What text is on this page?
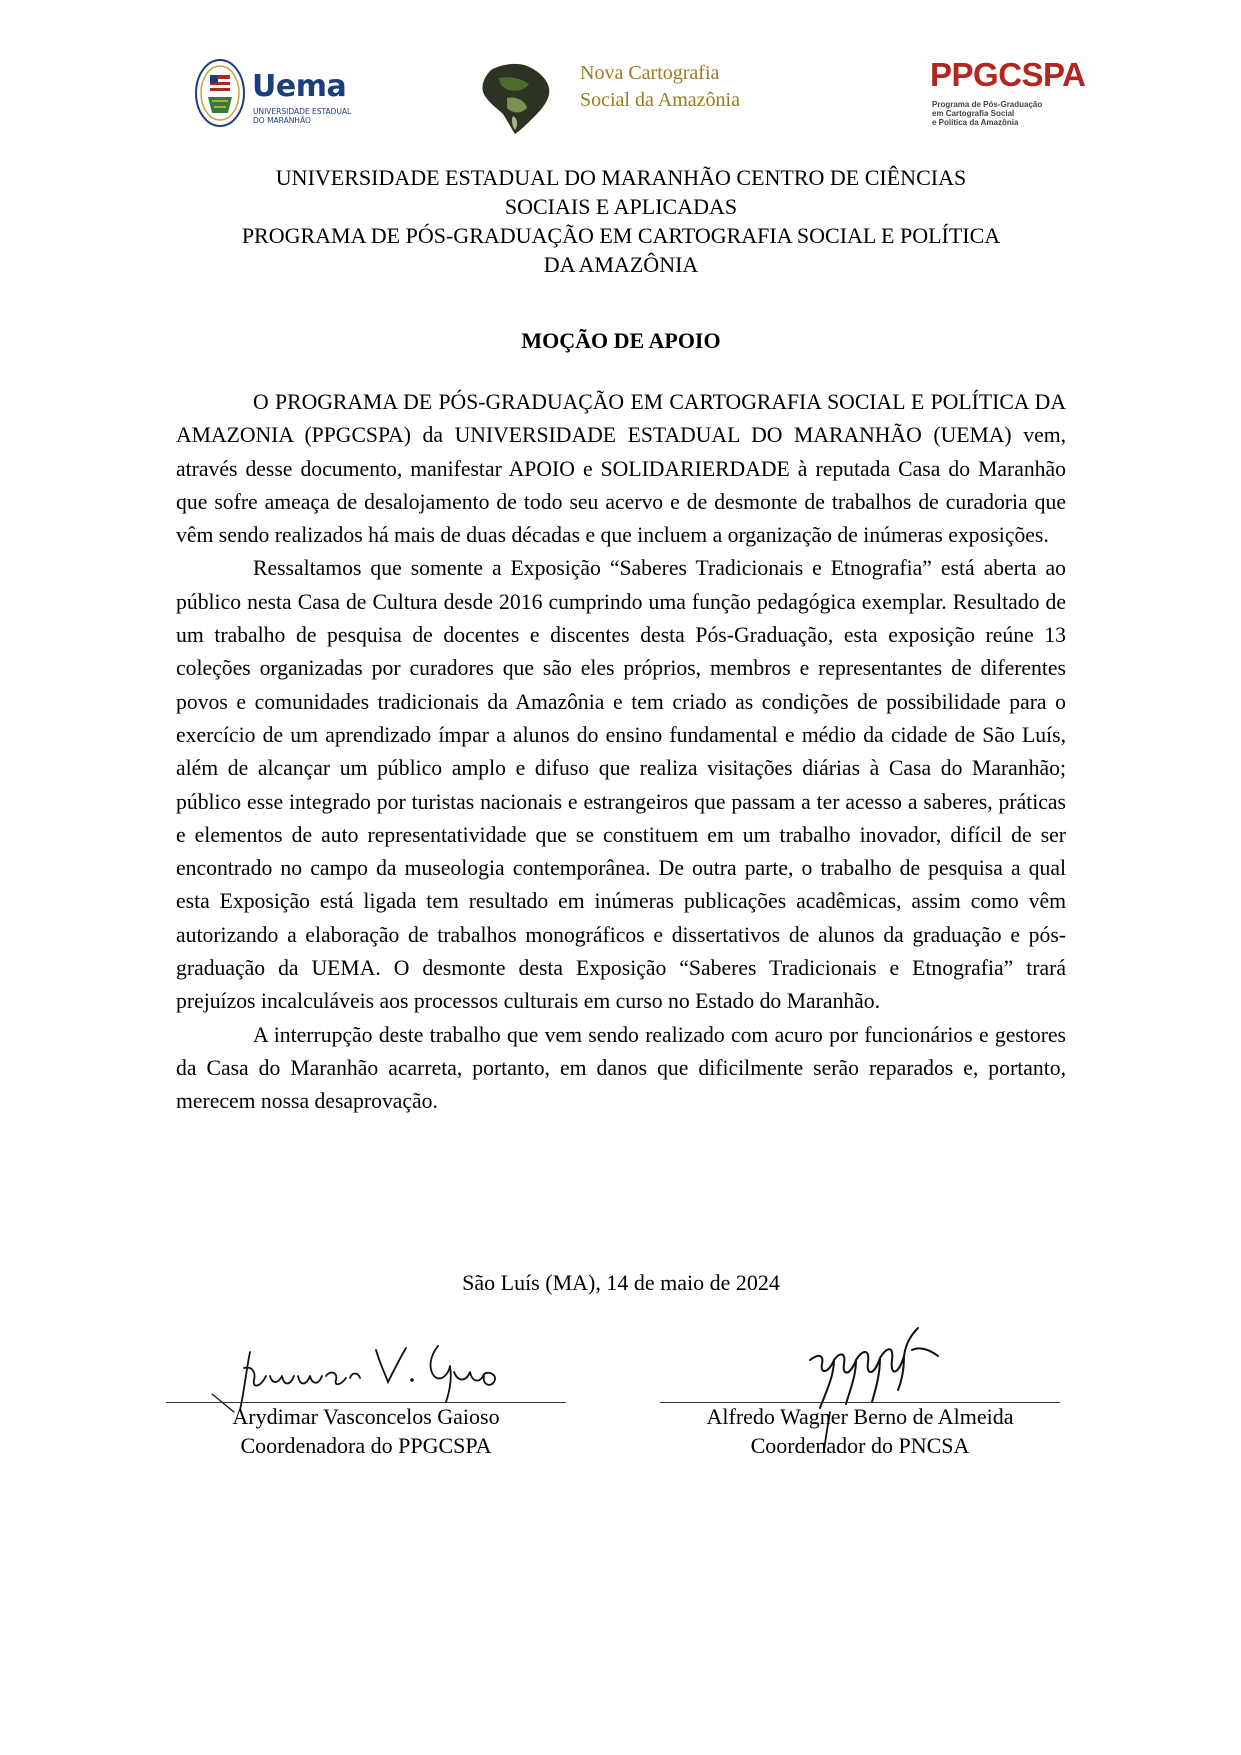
Uema
UNIVERSIDADE ESTADUAL
DO MARANHÃO
Nova Cartografia
Social da Amazônia
PPGCSPA
Programa de Pós-Graduação
em Cartografia Social
e Política da Amazônia
UNIVERSIDADE ESTADUAL DO MARANHÃO CENTRO DE CIÊNCIAS
SOCIAIS E APLICADAS
PROGRAMA DE PÓS-GRADUAÇÃO EM CARTOGRAFIA SOCIAL E POLÍTICA
DA AMAZÔNIA
MOÇÃO DE APOIO

O PROGRAMA DE PÓS-GRADUAÇÃO EM CARTOGRAFIA SOCIAL E POLÍTICA DA AMAZONIA (PPGCSPA) da UNIVERSIDADE ESTADUAL DO MARANHÃO (UEMA) vem, através desse documento, manifestar APOIO e SOLIDARIERDADE à reputada Casa do Maranhão que sofre ameaça de desalojamento de todo seu acervo e de desmonte de trabalhos de curadoria que vêm sendo realizados há mais de duas décadas e que incluem a organização de inúmeras exposições.

Ressaltamos que somente a Exposição “Saberes Tradicionais e Etnografia” está aberta ao público nesta Casa de Cultura desde 2016 cumprindo uma função pedagógica exemplar. Resultado de um trabalho de pesquisa de docentes e discentes desta Pós-Graduação, esta exposição reúne 13 coleções organizadas por curadores que são eles próprios, membros e representantes de diferentes povos e comunidades tradicionais da Amazônia e tem criado as condições de possibilidade para o exercício de um aprendizado ímpar a alunos do ensino fundamental e médio da cidade de São Luís, além de alcançar um público amplo e difuso que realiza visitações diárias à Casa do Maranhão; público esse integrado por turistas nacionais e estrangeiros que passam a ter acesso a saberes, práticas e elementos de auto representatividade que se constituem em um trabalho inovador, difícil de ser encontrado no campo da museologia contemporânea. De outra parte, o trabalho de pesquisa a qual esta Exposição está ligada tem resultado em inúmeras publicações acadêmicas, assim como vêm autorizando a elaboração de trabalhos monográficos e dissertativos de alunos da graduação e pós-graduação da UEMA. O desmonte desta Exposição “Saberes Tradicionais e Etnografia” trará prejuízos incalculáveis aos processos culturais em curso no Estado do Maranhão.

A interrupção deste trabalho que vem sendo realizado com acuro por funcionários e gestores da Casa do Maranhão acarreta, portanto, em danos que dificilmente serão reparados e, portanto, merecem nossa desaprovação.

São Luís (MA), 14 de maio de 2024
Arydimar Vasconcelos Gaioso
Coordenadora do PPGCSPA
Alfredo Wagner Berno de Almeida
Coordenador do PNCSA
